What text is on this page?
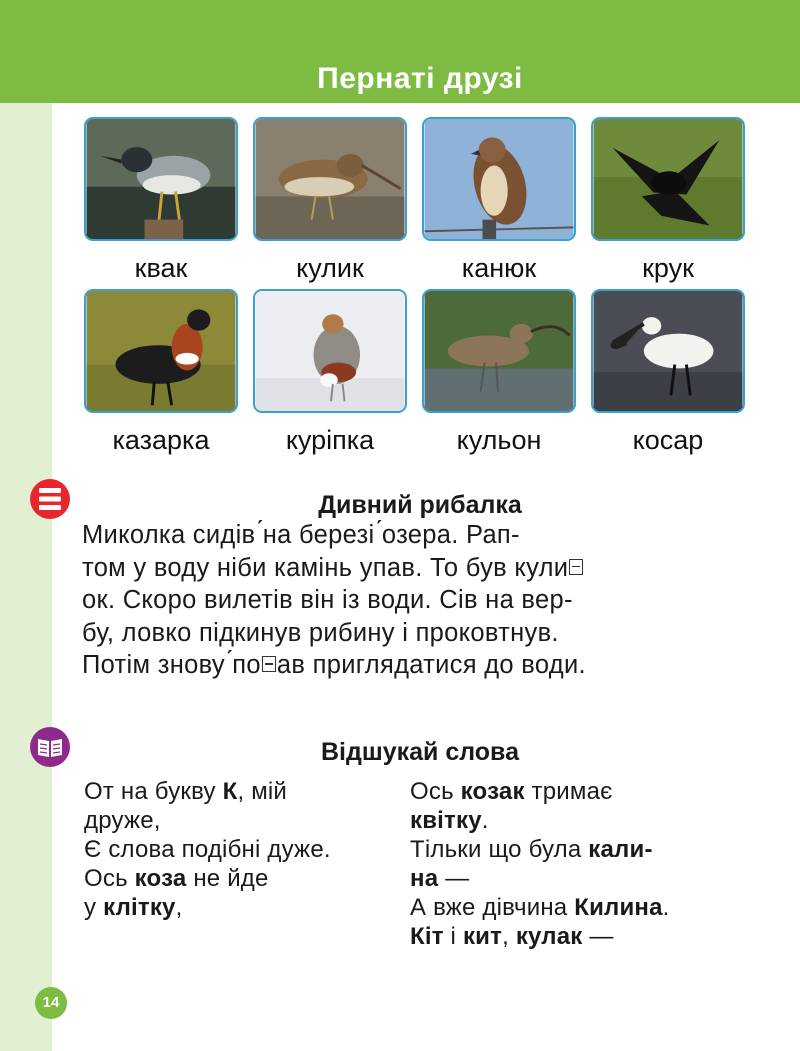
Пернаті друзі
квак	кулик	канюк	крук
казарка	куріпка	кульон	косар
Дивний рибалка

Миколка сидів ́на березі ́озера. Рап-

том у воду ніби камінь упав. То був кули

ок. Скоро вилетів він із води. Сів на вер-

бу, ловко підкинув рибину і проковтнув.

Потім знову ́по ав приглядатися до води.

Відшукай слова

От на букву К, мій

друже,

Є слова подібні дуже.

Ось коза не йде

у клітку,

Ось козак тримає

квітку.

Тільки що була кали-

на —

А вже дівчина Килина.

Кіт і кит, кулак —

14
